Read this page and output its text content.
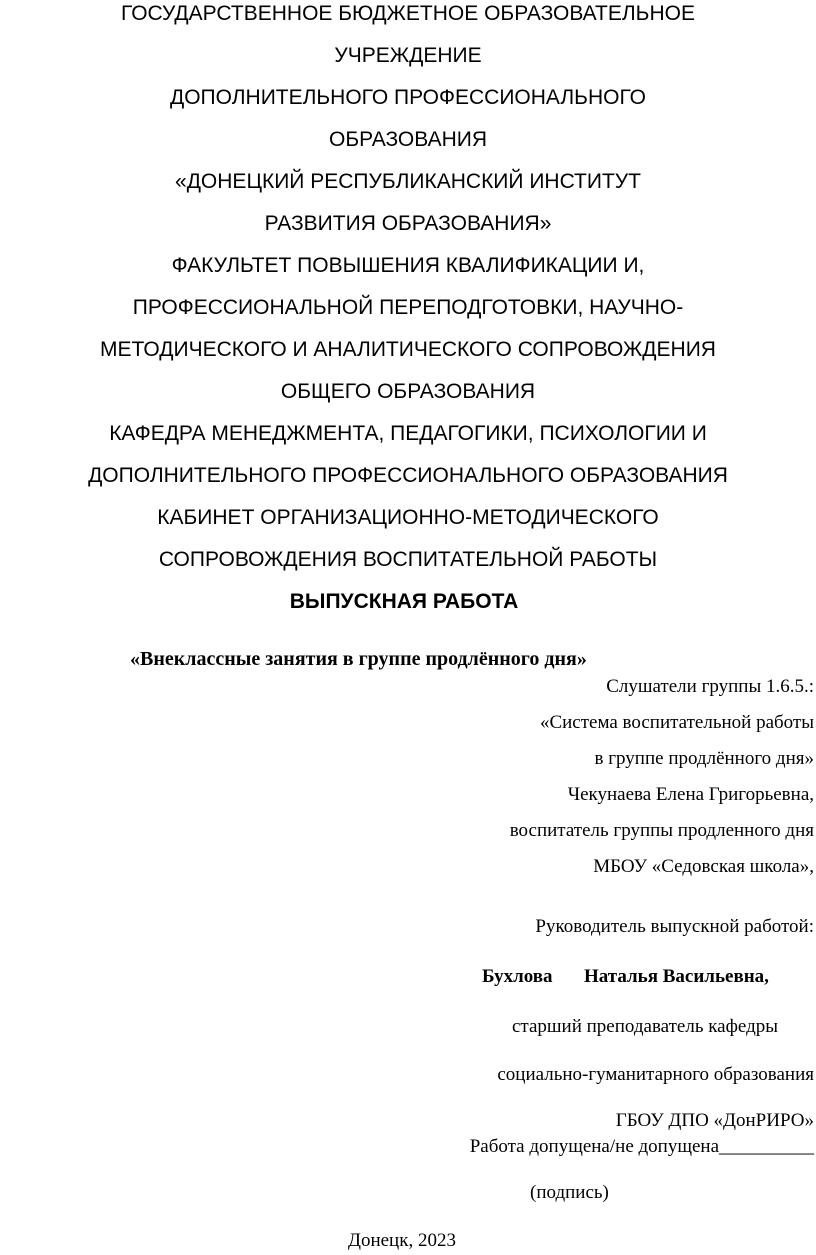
ГОСУДАРСТВЕННОЕ БЮДЖЕТНОЕ ОБРАЗОВАТЕЛЬНОЕ
УЧРЕЖДЕНИЕ
ДОПОЛНИТЕЛЬНОГО ПРОФЕССИОНАЛЬНОГО
ОБРАЗОВАНИЯ
«ДОНЕЦКИЙ РЕСПУБЛИКАНСКИЙ ИНСТИТУТ
РАЗВИТИЯ ОБРАЗОВАНИЯ»
ФАКУЛЬТЕТ ПОВЫШЕНИЯ КВАЛИФИКАЦИИ И,
ПРОФЕССИОНАЛЬНОЙ ПЕРЕПОДГОТОВКИ, НАУЧНО-
МЕТОДИЧЕСКОГО И АНАЛИТИЧЕСКОГО СОПРОВОЖДЕНИЯ
ОБЩЕГО ОБРАЗОВАНИЯ
КАФЕДРА МЕНЕДЖМЕНТА, ПЕДАГОГИКИ, ПСИХОЛОГИИ И
ДОПОЛНИТЕЛЬНОГО ПРОФЕССИОНАЛЬНОГО ОБРАЗОВАНИЯ
КАБИНЕТ ОРГАНИЗАЦИОННО-МЕТОДИЧЕСКОГО
СОПРОВОЖДЕНИЯ ВОСПИТАТЕЛЬНОЙ РАБОТЫ
ВЫПУСКНАЯ РАБОТА
«Внеклассные занятия в группе продлённого дня»
Слушатели группы 1.6.5.:
«Система воспитательной работы
в группе продлённого дня»
Чекунаева Елена Григорьевна,
воспитатель группы продленного дня
МБОУ «Седовская школа»,
Руководитель выпускной работой:
Бухлова Наталья Васильевна,
старший преподаватель кафедры
социально-гуманитарного образования
ГБОУ ДПО «ДонРИРО»
Работа допущена/не допущена__________
(подпись)
Донецк, 2023
